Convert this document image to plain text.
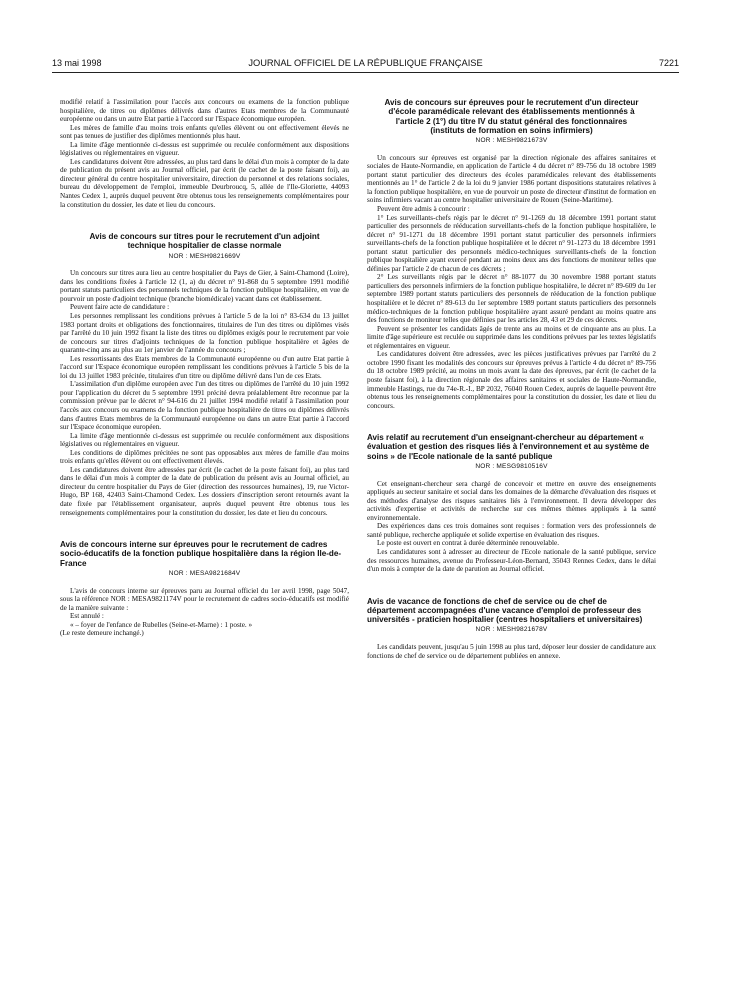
13 mai 1998	JOURNAL OFFICIEL DE LA RÉPUBLIQUE FRANÇAISE	7221

modifié relatif à l'assimilation pour l'accès aux concours ou examens de la fonction publique hospitalière, de titres ou diplômes délivrés dans d'autres Etats membres de la Communauté européenne ou dans un autre Etat partie à l'accord sur l'Espace économique européen.

Les mères de famille d'au moins trois enfants qu'elles élèvent ou ont effectivement élevés ne sont pas tenues de justifier des diplômes mentionnés plus haut.

La limite d'âge mentionnée ci-dessus est supprimée ou reculée conformément aux dispositions législatives ou réglementaires en vigueur.

Les candidatures doivent être adressées, au plus tard dans le délai d'un mois à compter de la date de publication du présent avis au Journal officiel, par écrit (le cachet de la poste faisant foi), au directeur général du centre hospitalier universitaire, direction du personnel et des relations sociales, bureau du développement de l'emploi, immeuble Deurbroucq, 5, allée de l'Ile-Gloriette, 44093 Nantes Cedex 1, auprès duquel peuvent être obtenus tous les renseignements complémentaires pour la constitution du dossier, les date et lieu du concours.

Avis de concours sur titres pour le recrutement d'un adjoint technique hospitalier de classe normale
NOR : MESH9821669V

Un concours sur titres aura lieu au centre hospitalier du Pays de Gier, à Saint-Chamond (Loire), dans les conditions fixées à l'article 12 (1, a) du décret n° 91-868 du 5 septembre 1991 modifié portant statuts particuliers des personnels techniques de la fonction publique hospitalière, en vue de pourvoir un poste d'adjoint technique (branche biomédicale) vacant dans cet établissement.

Peuvent faire acte de candidature :

Les personnes remplissant les conditions prévues à l'article 5 de la loi n° 83-634 du 13 juillet 1983 portant droits et obligations des fonctionnaires, titulaires de l'un des titres ou diplômes visés par l'arrêté du 10 juin 1992 fixant la liste des titres ou diplômes exigés pour le recrutement par voie de concours sur titres d'adjoints techniques de la fonction publique hospitalière et âgées de quarante-cinq ans au plus au 1er janvier de l'année du concours ;

Les ressortissants des Etats membres de la Communauté européenne ou d'un autre Etat partie à l'accord sur l'Espace économique européen remplissant les conditions prévues à l'article 5 bis de la loi du 13 juillet 1983 précitée, titulaires d'un titre ou diplôme délivré dans l'un de ces Etats.

L'assimilation d'un diplôme européen avec l'un des titres ou diplômes de l'arrêté du 10 juin 1992 pour l'application du décret du 5 septembre 1991 précité devra préalablement être reconnue par la commission prévue par le décret n° 94-616 du 21 juillet 1994 modifié relatif à l'assimilation pour l'accès aux concours ou examens de la fonction publique hospitalière de titres ou diplômes délivrés dans d'autres Etats membres de la Communauté européenne ou dans un autre Etat partie à l'accord sur l'Espace économique européen.

La limite d'âge mentionnée ci-dessus est supprimée ou reculée conformément aux dispositions législatives ou réglementaires en vigueur.

Les conditions de diplômes précitées ne sont pas opposables aux mères de famille d'au moins trois enfants qu'elles élèvent ou ont effectivement élevés.

Les candidatures doivent être adressées par écrit (le cachet de la poste faisant foi), au plus tard dans le délai d'un mois à compter de la date de publication du présent avis au Journal officiel, au directeur du centre hospitalier du Pays de Gier (direction des ressources humaines), 19, rue Victor-Hugo, BP 168, 42403 Saint-Chamond Cedex. Les dossiers d'inscription seront retournés avant la date fixée par l'établissement organisateur, auprès duquel peuvent être obtenus tous les renseignements complémentaires pour la constitution du dossier, les date et lieu du concours.

Avis de concours interne sur épreuves pour le recrutement de cadres socio-éducatifs de la fonction publique hospitalière dans la région Ile-de-France
NOR : MESA9821684V

L'avis de concours interne sur épreuves paru au Journal officiel du 1er avril 1998, page 5047, sous la référence NOR : MESA9821174V pour le recrutement de cadres socio-éducatifs est modifié de la manière suivante :

Est annulé :

« – foyer de l'enfance de Rubelles (Seine-et-Marne) : 1 poste. »

(Le reste demeure inchangé.)

Avis de concours sur épreuves pour le recrutement d'un directeur d'école paramédicale relevant des établissements mentionnés à l'article 2 (1°) du titre IV du statut général des fonctionnaires (instituts de formation en soins infirmiers)
NOR : MESH9821673V

Un concours sur épreuves est organisé par la direction régionale des affaires sanitaires et sociales de Haute-Normandie, en application de l'article 4 du décret n° 89-756 du 18 octobre 1989 portant statut particulier des directeurs des écoles paramédicales relevant des établissements mentionnés au 1° de l'article 2 de la loi du 9 janvier 1986 portant dispositions statutaires relatives à la fonction publique hospitalière, en vue de pourvoir un poste de directeur d'institut de formation en soins infirmiers vacant au centre hospitalier universitaire de Rouen (Seine-Maritime).

Peuvent être admis à concourir :

1° Les surveillants-chefs régis par le décret n° 91-1269 du 18 décembre 1991 portant statut particulier des personnels de rééducation surveillants-chefs de la fonction publique hospitalière, le décret n° 91-1271 du 18 décembre 1991 portant statut particulier des personnels infirmiers surveillants-chefs de la fonction publique hospitalière et le décret n° 91-1273 du 18 décembre 1991 portant statut particulier des personnels médico-techniques surveillants-chefs de la fonction publique hospitalière ayant exercé pendant au moins deux ans des fonctions de moniteur telles que définies par l'article 2 de chacun de ces décrets ;

2° Les surveillants régis par le décret n° 88-1077 du 30 novembre 1988 portant statuts particuliers des personnels infirmiers de la fonction publique hospitalière, le décret n° 89-609 du 1er septembre 1989 portant statuts particuliers des personnels de rééducation de la fonction publique hospitalière et le décret n° 89-613 du 1er septembre 1989 portant statuts particuliers des personnels médico-techniques de la fonction publique hospitalière ayant assuré pendant au moins quatre ans des fonctions de moniteur telles que définies par les articles 28, 43 et 29 de ces décrets.

Peuvent se présenter les candidats âgés de trente ans au moins et de cinquante ans au plus. La limite d'âge supérieure est reculée ou supprimée dans les conditions prévues par les textes législatifs et réglementaires en vigueur.

Les candidatures doivent être adressées, avec les pièces justificatives prévues par l'arrêté du 2 octobre 1990 fixant les modalités des concours sur épreuves prévus à l'article 4 du décret n° 89-756 du 18 octobre 1989 précité, au moins un mois avant la date des épreuves, par écrit (le cachet de la poste faisant foi), à la direction régionale des affaires sanitaires et sociales de Haute-Normandie, immeuble Hastings, rue du 74e-R.-I., BP 2032, 76040 Rouen Cedex, auprès de laquelle peuvent être obtenus tous les renseignements complémentaires pour la constitution du dossier, les date et lieu du concours.

Avis relatif au recrutement d'un enseignant-chercheur au département « évaluation et gestion des risques liés à l'environnement et au système de soins » de l'Ecole nationale de la santé publique
NOR : MESG9810516V

Cet enseignant-chercheur sera chargé de concevoir et mettre en œuvre des enseignements appliqués au secteur sanitaire et social dans les domaines de la démarche d'évaluation des risques et des méthodes d'analyse des risques sanitaires liés à l'environnement. Il devra développer des activités d'expertise et activités de recherche sur ces mêmes thèmes appliqués à la santé environnementale.

Des expériences dans ces trois domaines sont requises : formation vers des professionnels de santé publique, recherche appliquée et solide expertise en évaluation des risques.

Le poste est ouvert en contrat à durée déterminée renouvelable.

Les candidatures sont à adresser au directeur de l'Ecole nationale de la santé publique, service des ressources humaines, avenue du Professeur-Léon-Bernard, 35043 Rennes Cedex, dans le délai d'un mois à compter de la date de parution au Journal officiel.

Avis de vacance de fonctions de chef de service ou de chef de département accompagnées d'une vacance d'emploi de professeur des universités - praticien hospitalier (centres hospitaliers et universitaires)
NOR : MESH9821678V

Les candidats peuvent, jusqu'au 5 juin 1998 au plus tard, déposer leur dossier de candidature aux fonctions de chef de service ou de département publiées en annexe.
